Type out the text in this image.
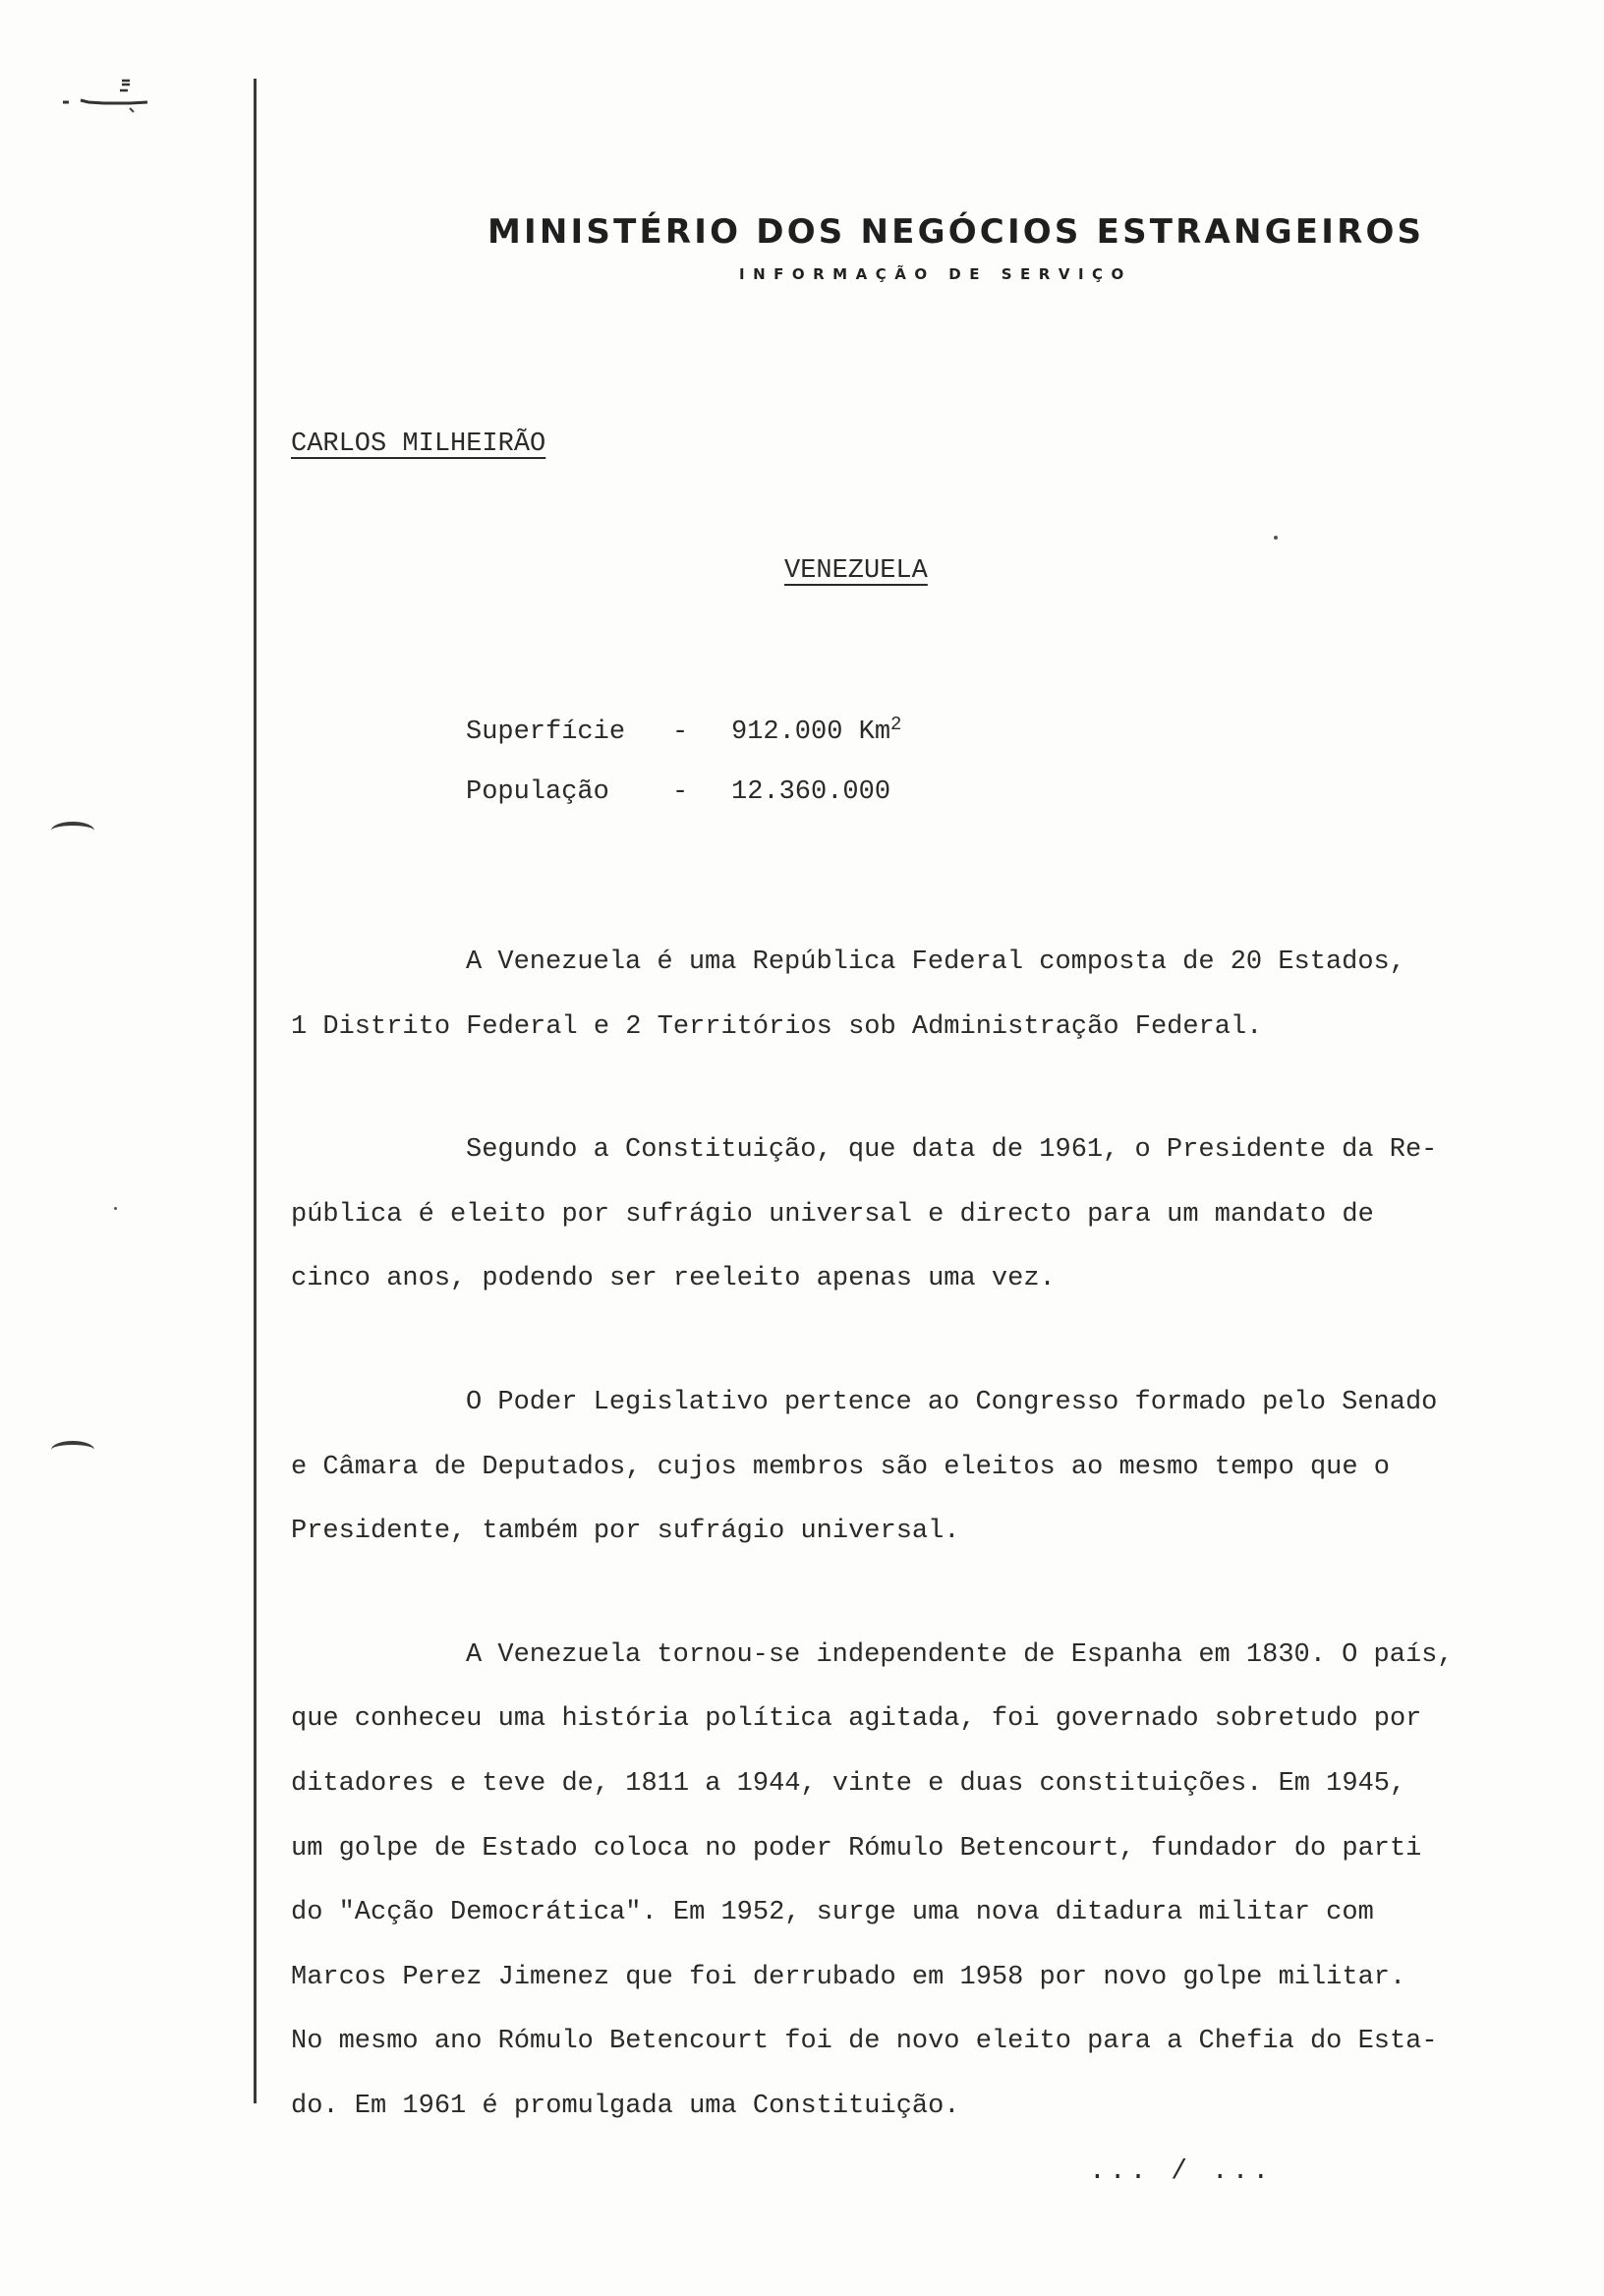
MINISTÉRIO DOS NEGÓCIOS ESTRANGEIROS
INFORMAÇÃO DE SERVIÇO
CARLOS MILHEIRÃO
VENEZUELA
Superfície - 912.000 Km$^2$
População - 12.360.000
A Venezuela é uma República Federal composta de 20 Estados,
1 Distrito Federal e 2 Territórios sob Administração Federal.
Segundo a Constituição, que data de 1961, o Presidente da Re-
pública é eleito por sufrágio universal e directo para um mandato de
cinco anos, podendo ser reeleito apenas uma vez.
O Poder Legislativo pertence ao Congresso formado pelo Senado
e Câmara de Deputados, cujos membros são eleitos ao mesmo tempo que o
Presidente, também por sufrágio universal.
A Venezuela tornou-se independente de Espanha em 1830. O país,
que conheceu uma história política agitada, foi governado sobretudo por
ditadores e teve de, 1811 a 1944, vinte e duas constituições. Em 1945,
um golpe de Estado coloca no poder Rómulo Betencourt, fundador do parti
do "Acção Democrática". Em 1952, surge uma nova ditadura militar com
Marcos Perez Jimenez que foi derrubado em 1958 por novo golpe militar.
No mesmo ano Rómulo Betencourt foi de novo eleito para a Chefia do Esta-
do. Em 1961 é promulgada uma Constituição.
... / ...
